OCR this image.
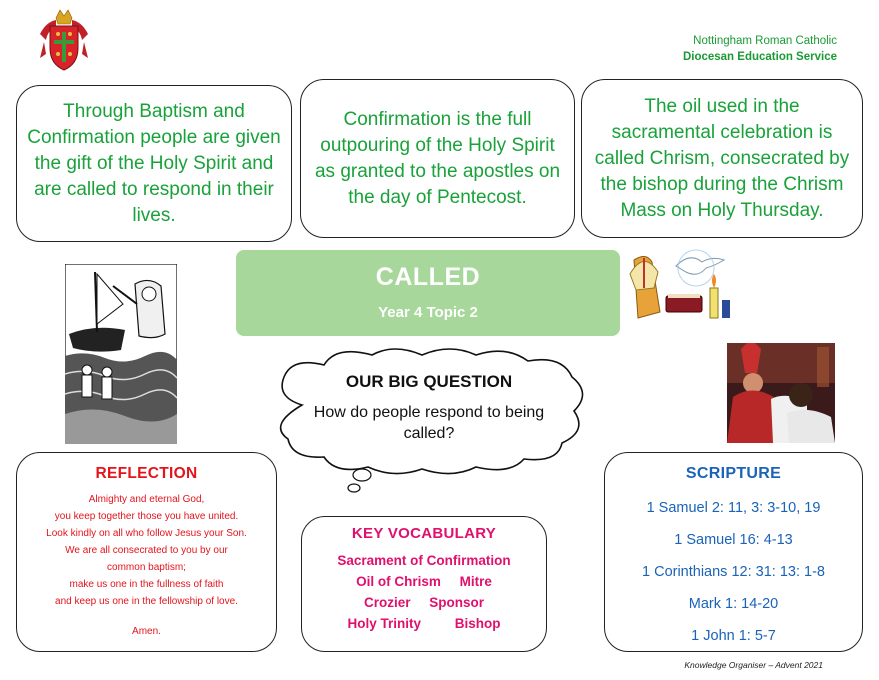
Nottingham Roman Catholic
Diocesan Education Service
Through Baptism and Confirmation people are given the gift of the Holy Spirit and are called to respond in their lives.
Confirmation is the full outpouring of the Holy Spirit as granted to the apostles on the day of Pentecost.
The oil used in the sacramental celebration is called Chrism, consecrated by the bishop during the Chrism Mass on Holy Thursday.
CALLED
Year 4 Topic 2
OUR BIG QUESTION
How do people respond to being called?
REFLECTION
Almighty and eternal God,
you keep together those you have united.
Look kindly on all who follow Jesus your Son.
We are all consecrated to you by our
common baptism;
make us one in the fullness of faith
and keep us one in the fellowship of love.
Amen.
KEY VOCABULARY
Sacrament of Confirmation
Oil of Chrism Mitre
Crozier Sponsor
Holy Trinity	Bishop
SCRIPTURE
1 Samuel 2: 11, 3: 3-10, 19
1 Samuel 16: 4-13
1 Corinthians 12: 31: 13: 1-8
Mark 1: 14-20
1 John 1: 5-7
Knowledge Organiser – Advent 2021
